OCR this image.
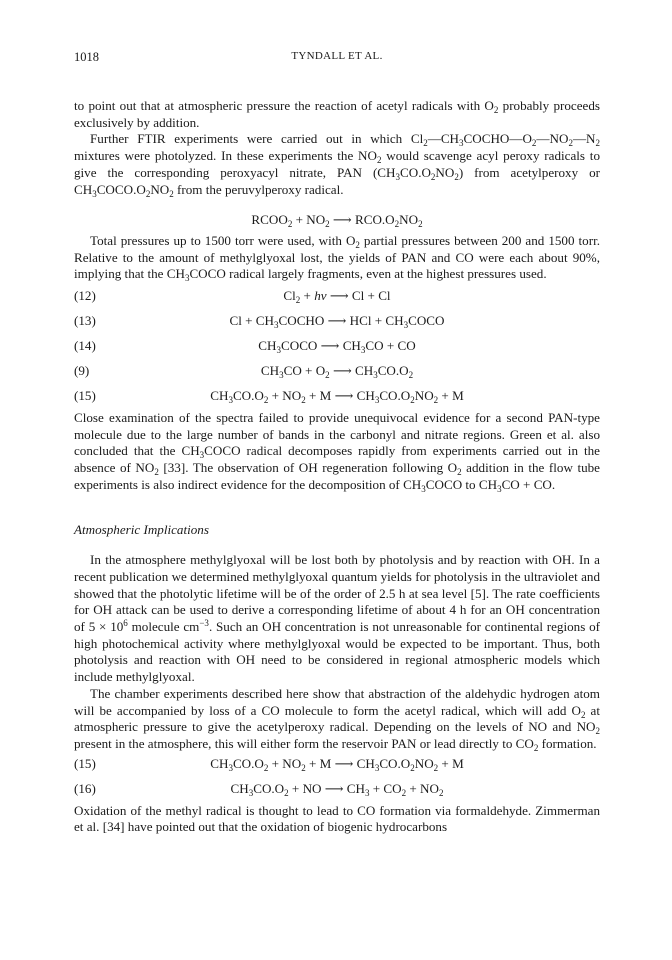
1018	TYNDALL ET AL.

to point out that at atmospheric pressure the reaction of acetyl radicals with $O_2$ probably proceeds exclusively by addition.

Further FTIR experiments were carried out in which $Cl_2—CH_3COCHO—O_2—NO_2—N_2$ mixtures were photolyzed. In these experiments the $NO_2$ would scavenge acyl peroxy radicals to give the corresponding peroxyacyl nitrate, PAN $(CH_3CO.O_2NO_2)$ from acetylperoxy or $CH_3COCO.O_2NO_2$ from the peruvylperoxy radical.

$RCOO_2 + NO_2$ ⟶ $RCO.O_2NO_2$

Total pressures up to 1500 torr were used, with $O_2$ partial pressures between 200 and 1500 torr. Relative to the amount of methylglyoxal lost, the yields of PAN and CO were each about 90%, implying that the $CH_3COCO$ radical largely fragments, even at the highest pressures used.

(12)	$Cl_2 + h\nu$ ⟶ Cl + Cl
(13)	$Cl + CH_3COCHO$ ⟶ HCl + $CH_3COCO$
(14)	$CH_3COCO$ ⟶ $CH_3CO$ + CO
(9)	$CH_3CO + O_2$ ⟶ $CH_3CO.O_2$
(15)	$CH_3CO.O_2 + NO_2 + M$ ⟶ $CH_3CO.O_2NO_2 + M$

Close examination of the spectra failed to provide unequivocal evidence for a second PAN-type molecule due to the large number of bands in the carbonyl and nitrate regions. Green et al. also concluded that the $CH_3COCO$ radical decomposes rapidly from experiments carried out in the absence of $NO_2$ [33]. The observation of OH regeneration following $O_2$ addition in the flow tube experiments is also indirect evidence for the decomposition of $CH_3COCO$ to $CH_3CO$ + CO.

Atmospheric Implications

In the atmosphere methylglyoxal will be lost both by photolysis and by reaction with OH. In a recent publication we determined methylglyoxal quantum yields for photolysis in the ultraviolet and showed that the photolytic lifetime will be of the order of 2.5 h at sea level [5]. The rate coefficients for OH attack can be used to derive a corresponding lifetime of about 4 h for an OH concentration of $5 \times 10^6$ molecule $cm^{-3}$. Such an OH concentration is not unreasonable for continental regions of high photochemical activity where methylglyoxal would be expected to be important. Thus, both photolysis and reaction with OH need to be considered in regional atmospheric models which include methylglyoxal.

The chamber experiments described here show that abstraction of the aldehydic hydrogen atom will be accompanied by loss of a CO molecule to form the acetyl radical, which will add $O_2$ at atmospheric pressure to give the acetylperoxy radical. Depending on the levels of NO and $NO_2$ present in the atmosphere, this will either form the reservoir PAN or lead directly to $CO_2$ formation.

(15)	$CH_3CO.O_2 + NO_2 + M$ ⟶ $CH_3CO.O_2NO_2 + M$
(16)	$CH_3CO.O_2$ + NO ⟶ $CH_3 + CO_2 + NO_2$

Oxidation of the methyl radical is thought to lead to CO formation via formaldehyde. Zimmerman et al. [34] have pointed out that the oxidation of biogenic hydrocarbons
